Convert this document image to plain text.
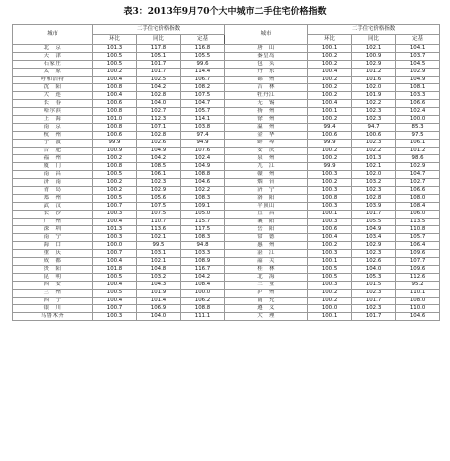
表3：2013年9月70个大中城市二手住宅价格指数
城市	二手住宅价格指数			城市	二手住宅价格指数		
	环比	同比	定基		环比	同比	定基
北　京	101.3	117.8	116.8	唐　山	100.1	102.1	104.1
天　津	100.5	105.1	105.5	秦皇岛	100.2	100.9	103.7
石家庄	100.5	101.7	99.6	包　头	100.2	102.9	104.5
太　原	100.2	101.7	114.4	丹　东	100.4	101.2	102.9
呼和浩特	100.4	102.5	106.7	锦　州	100.2	101.6	104.9
沈　阳	100.8	104.2	108.2	吉　林	100.2	102.0	108.1
大　连	100.4	102.8	107.5	牡丹江	100.2	101.9	103.3
长　春	100.6	104.0	104.7	无　锡	100.4	102.2	106.6
哈尔滨	100.8	102.7	105.7	扬　州	100.1	102.3	102.4
上　海	101.0	112.3	114.1	徐　州	100.2	102.3	100.0
南　京	100.8	107.1	103.8	温　州	99.4	94.7	85.3
杭　州	100.6	102.8	97.4	金　华	100.6	100.6	97.5
宁　波	99.9	102.6	94.9	蚌　埠	99.9	102.3	106.1
合　肥	100.9	104.9	107.6	安　庆	100.2	102.2	101.2
福　州	100.2	104.2	102.4	泉　州	100.2	101.3	98.6
厦　门	100.8	108.5	104.9	九　江	99.9	102.1	102.9
南　昌	100.5	106.1	108.8	赣　州	100.3	102.0	104.7
济　南	100.2	102.3	104.6	烟　台	100.2	103.2	102.7
青　岛	100.2	102.9	102.2	济　宁	100.3	102.3	106.6
郑　州	100.5	105.6	108.3	洛　阳	100.8	102.8	108.0
武　汉	100.7	107.5	109.1	平顶山	100.3	103.9	108.4
长　沙	100.3	107.5	105.0	宜　昌	100.1	101.7	106.0
广　州	100.4	110.7	115.7	襄　阳	100.3	105.5	113.5
深　圳	101.3	113.6	117.5	岳　阳	100.6	104.9	110.8
南　宁	100.3	102.1	108.3	常　德	100.4	103.4	105.7
海　口	100.0	99.5	94.8	惠　州	100.2	102.9	106.4
重　庆	100.7	103.1	103.3	湛　江	100.3	102.3	109.6
成　都	100.4	102.1	108.9	韶　关	100.1	102.6	107.7
贵　阳	101.8	104.8	116.7	桂　林	100.5	104.0	109.6
昆　明	100.5	103.2	104.2	北　海	100.5	105.3	112.6
西　安	100.4	104.3	108.4	三　亚	100.3	101.5	95.2
兰　州	100.5	101.9	100.0	泸　州	100.2	102.3	110.1
西　宁	100.4	101.4	106.2	南　充	100.2	101.7	108.0
银　川	100.7	106.9	108.8	遵　义	100.0	102.3	110.0
乌鲁木齐	100.3	104.0	111.1	大　理	100.1	101.7	104.6
